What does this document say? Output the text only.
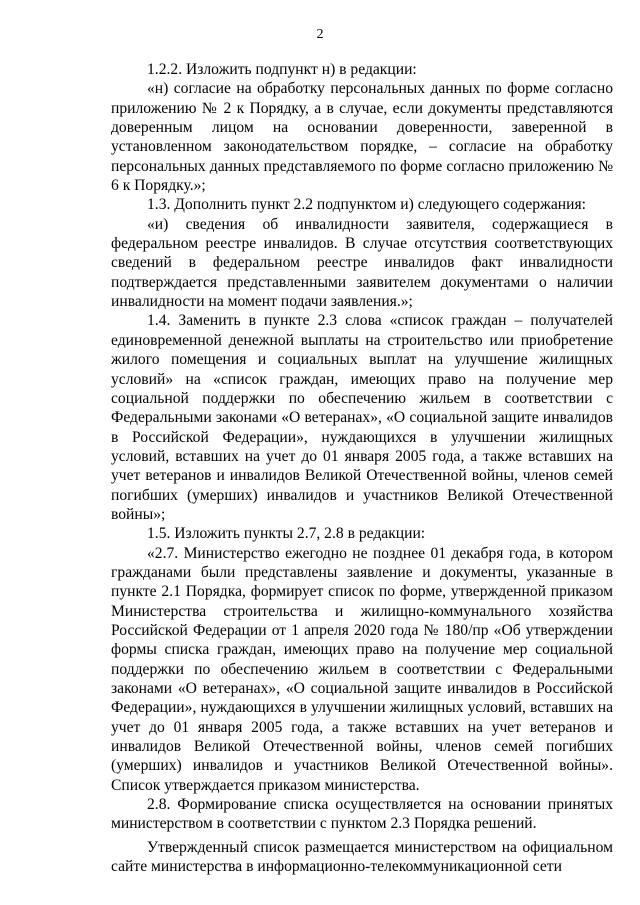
2

1.2.2. Изложить подпункт н) в редакции:

«н) согласие на обработку персональных данных по форме согласно приложению № 2 к Порядку, а в случае, если документы представляются доверенным лицом на основании доверенности, заверенной в установленном законодательством порядке, – согласие на обработку персональных данных представляемого по форме согласно приложению № 6 к Порядку.»;

1.3. Дополнить пункт 2.2 подпунктом и) следующего содержания:

«и) сведения об инвалидности заявителя, содержащиеся в федеральном реестре инвалидов. В случае отсутствия соответствующих сведений в федеральном реестре инвалидов факт инвалидности подтверждается представленными заявителем документами о наличии инвалидности на момент подачи заявления.»;

1.4. Заменить в пункте 2.3 слова «список граждан – получателей единовременной денежной выплаты на строительство или приобретение жилого помещения и социальных выплат на улучшение жилищных условий» на «список граждан, имеющих право на получение мер социальной поддержки по обеспечению жильем в соответствии с Федеральными законами «О ветеранах», «О социальной защите инвалидов в Российской Федерации», нуждающихся в улучшении жилищных условий, вставших на учет до 01 января 2005 года, а также вставших на учет ветеранов и инвалидов Великой Отечественной войны, членов семей погибших (умерших) инвалидов и участников Великой Отечественной войны»;

1.5. Изложить пункты 2.7, 2.8 в редакции:

«2.7. Министерство ежегодно не позднее 01 декабря года, в котором гражданами были представлены заявление и документы, указанные в пункте 2.1 Порядка, формирует список по форме, утвержденной приказом Министерства строительства и жилищно-коммунального хозяйства Российской Федерации от 1 апреля 2020 года № 180/пр «Об утверждении формы списка граждан, имеющих право на получение мер социальной поддержки по обеспечению жильем в соответствии с Федеральными законами «О ветеранах», «О социальной защите инвалидов в Российской Федерации», нуждающихся в улучшении жилищных условий, вставших на учет до 01 января 2005 года, а также вставших на учет ветеранов и инвалидов Великой Отечественной войны, членов семей погибших (умерших) инвалидов и участников Великой Отечественной войны». Список утверждается приказом министерства.

2.8. Формирование списка осуществляется на основании принятых министерством в соответствии с пунктом 2.3 Порядка решений.

Утвержденный список размещается министерством на официальном сайте министерства в информационно-телекоммуникационной сети
